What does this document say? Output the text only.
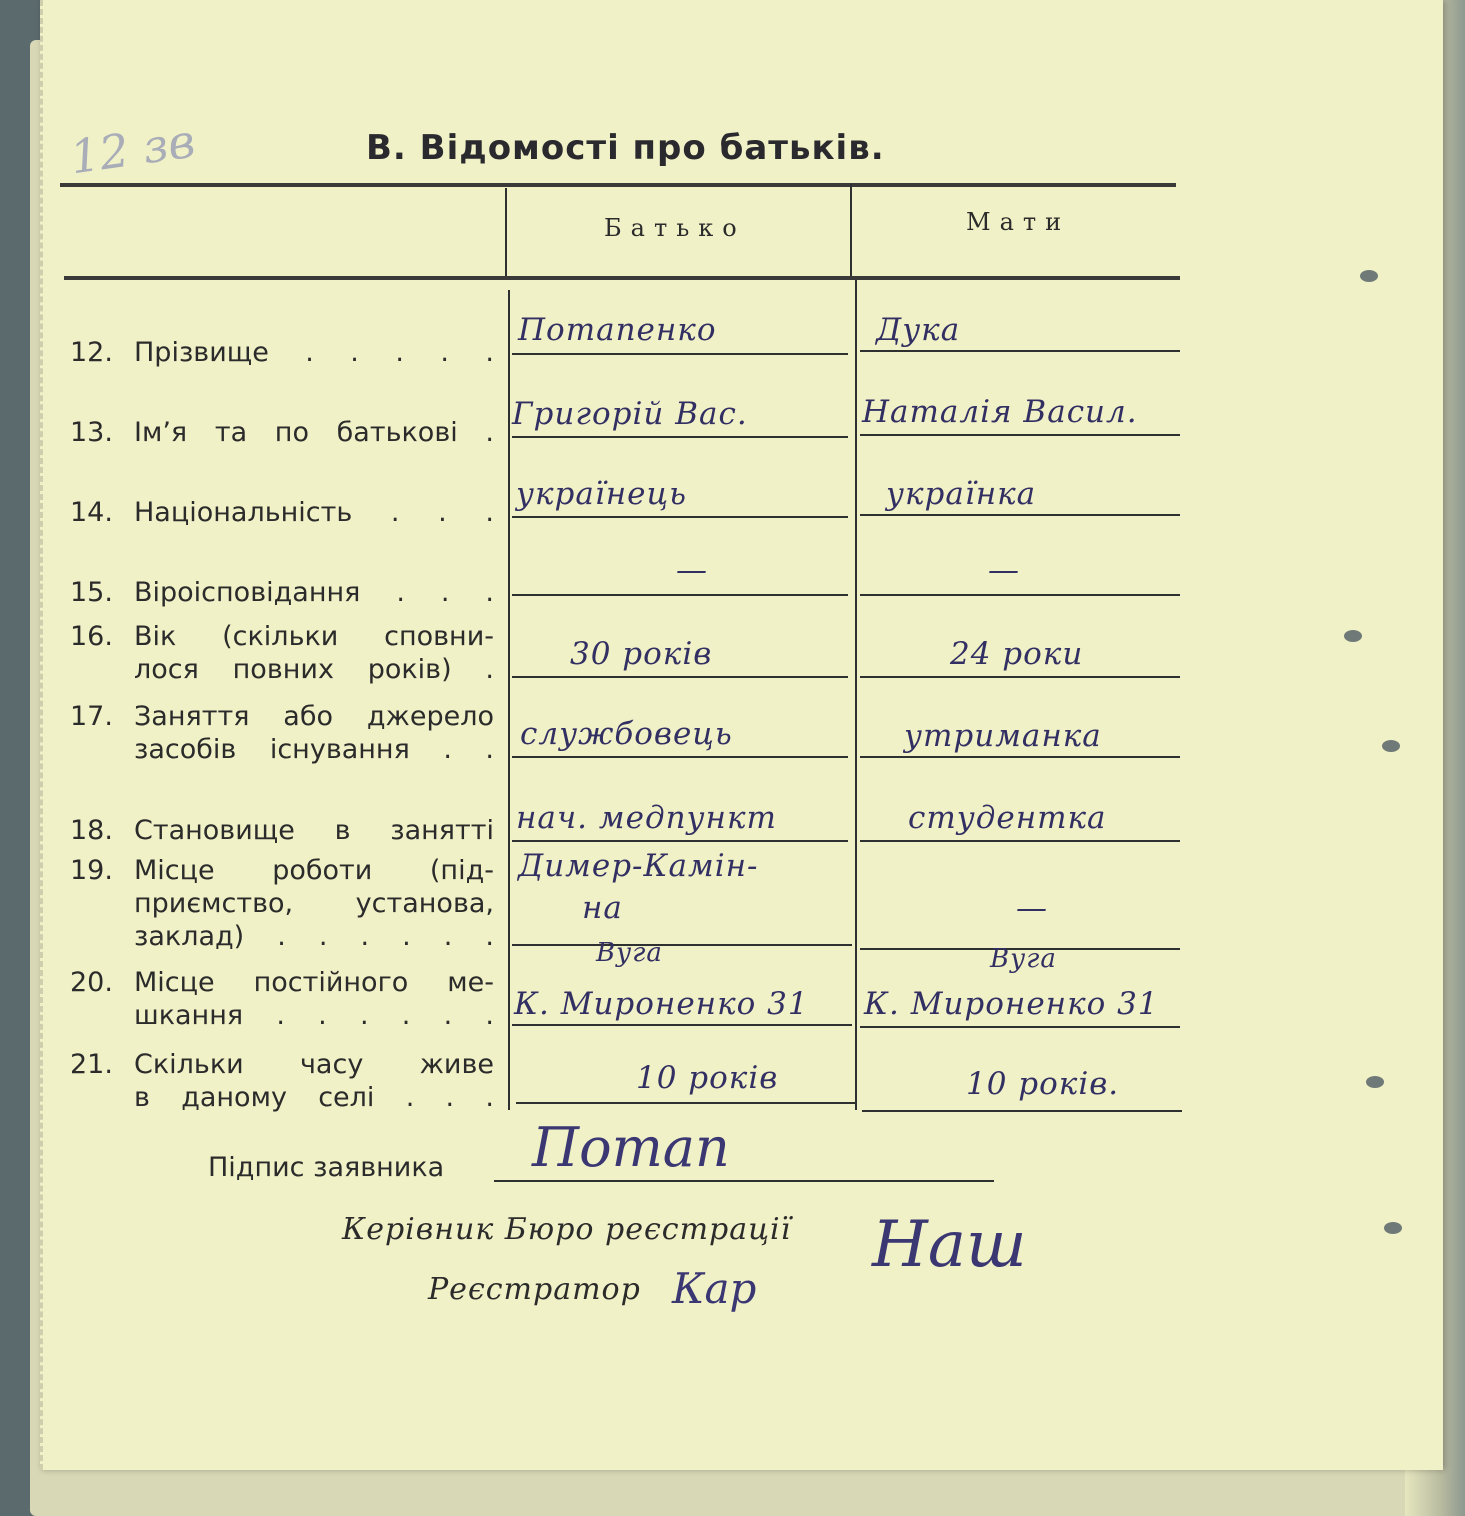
12 зв	В. Відомості про батьків.
Батько	Мати
12. Прізвище . . . . .
13. Ім’я та по батькові .
14. Національність . . .
15. Віроісповідання . . .
16. Вік (скільки сповни-
лося повних років) .
17. Заняття або джерело
засобів існування . .
18. Становище в занятті
19. Місце роботи (під-
приємство, установа,
заклад) . . . . . .
20. Місце постійного ме-
шкання . . . . . .
21. Скільки часу живе
в даному селі . . .
Потапенко
Григорій Вас.
українець
—
30 років
службовець
нач. медпункт
Димер-Камін-
на
Вуга
К. Мироненко 31
10 років
Дука
Наталія Васил.
українка
—
24 роки
утриманка
студентка
—
Вуга
К. Мироненко 31
10 років.
Підпис заявника Потап
Керівник Бюро реєстрації Наш
Реєстратор Кар
